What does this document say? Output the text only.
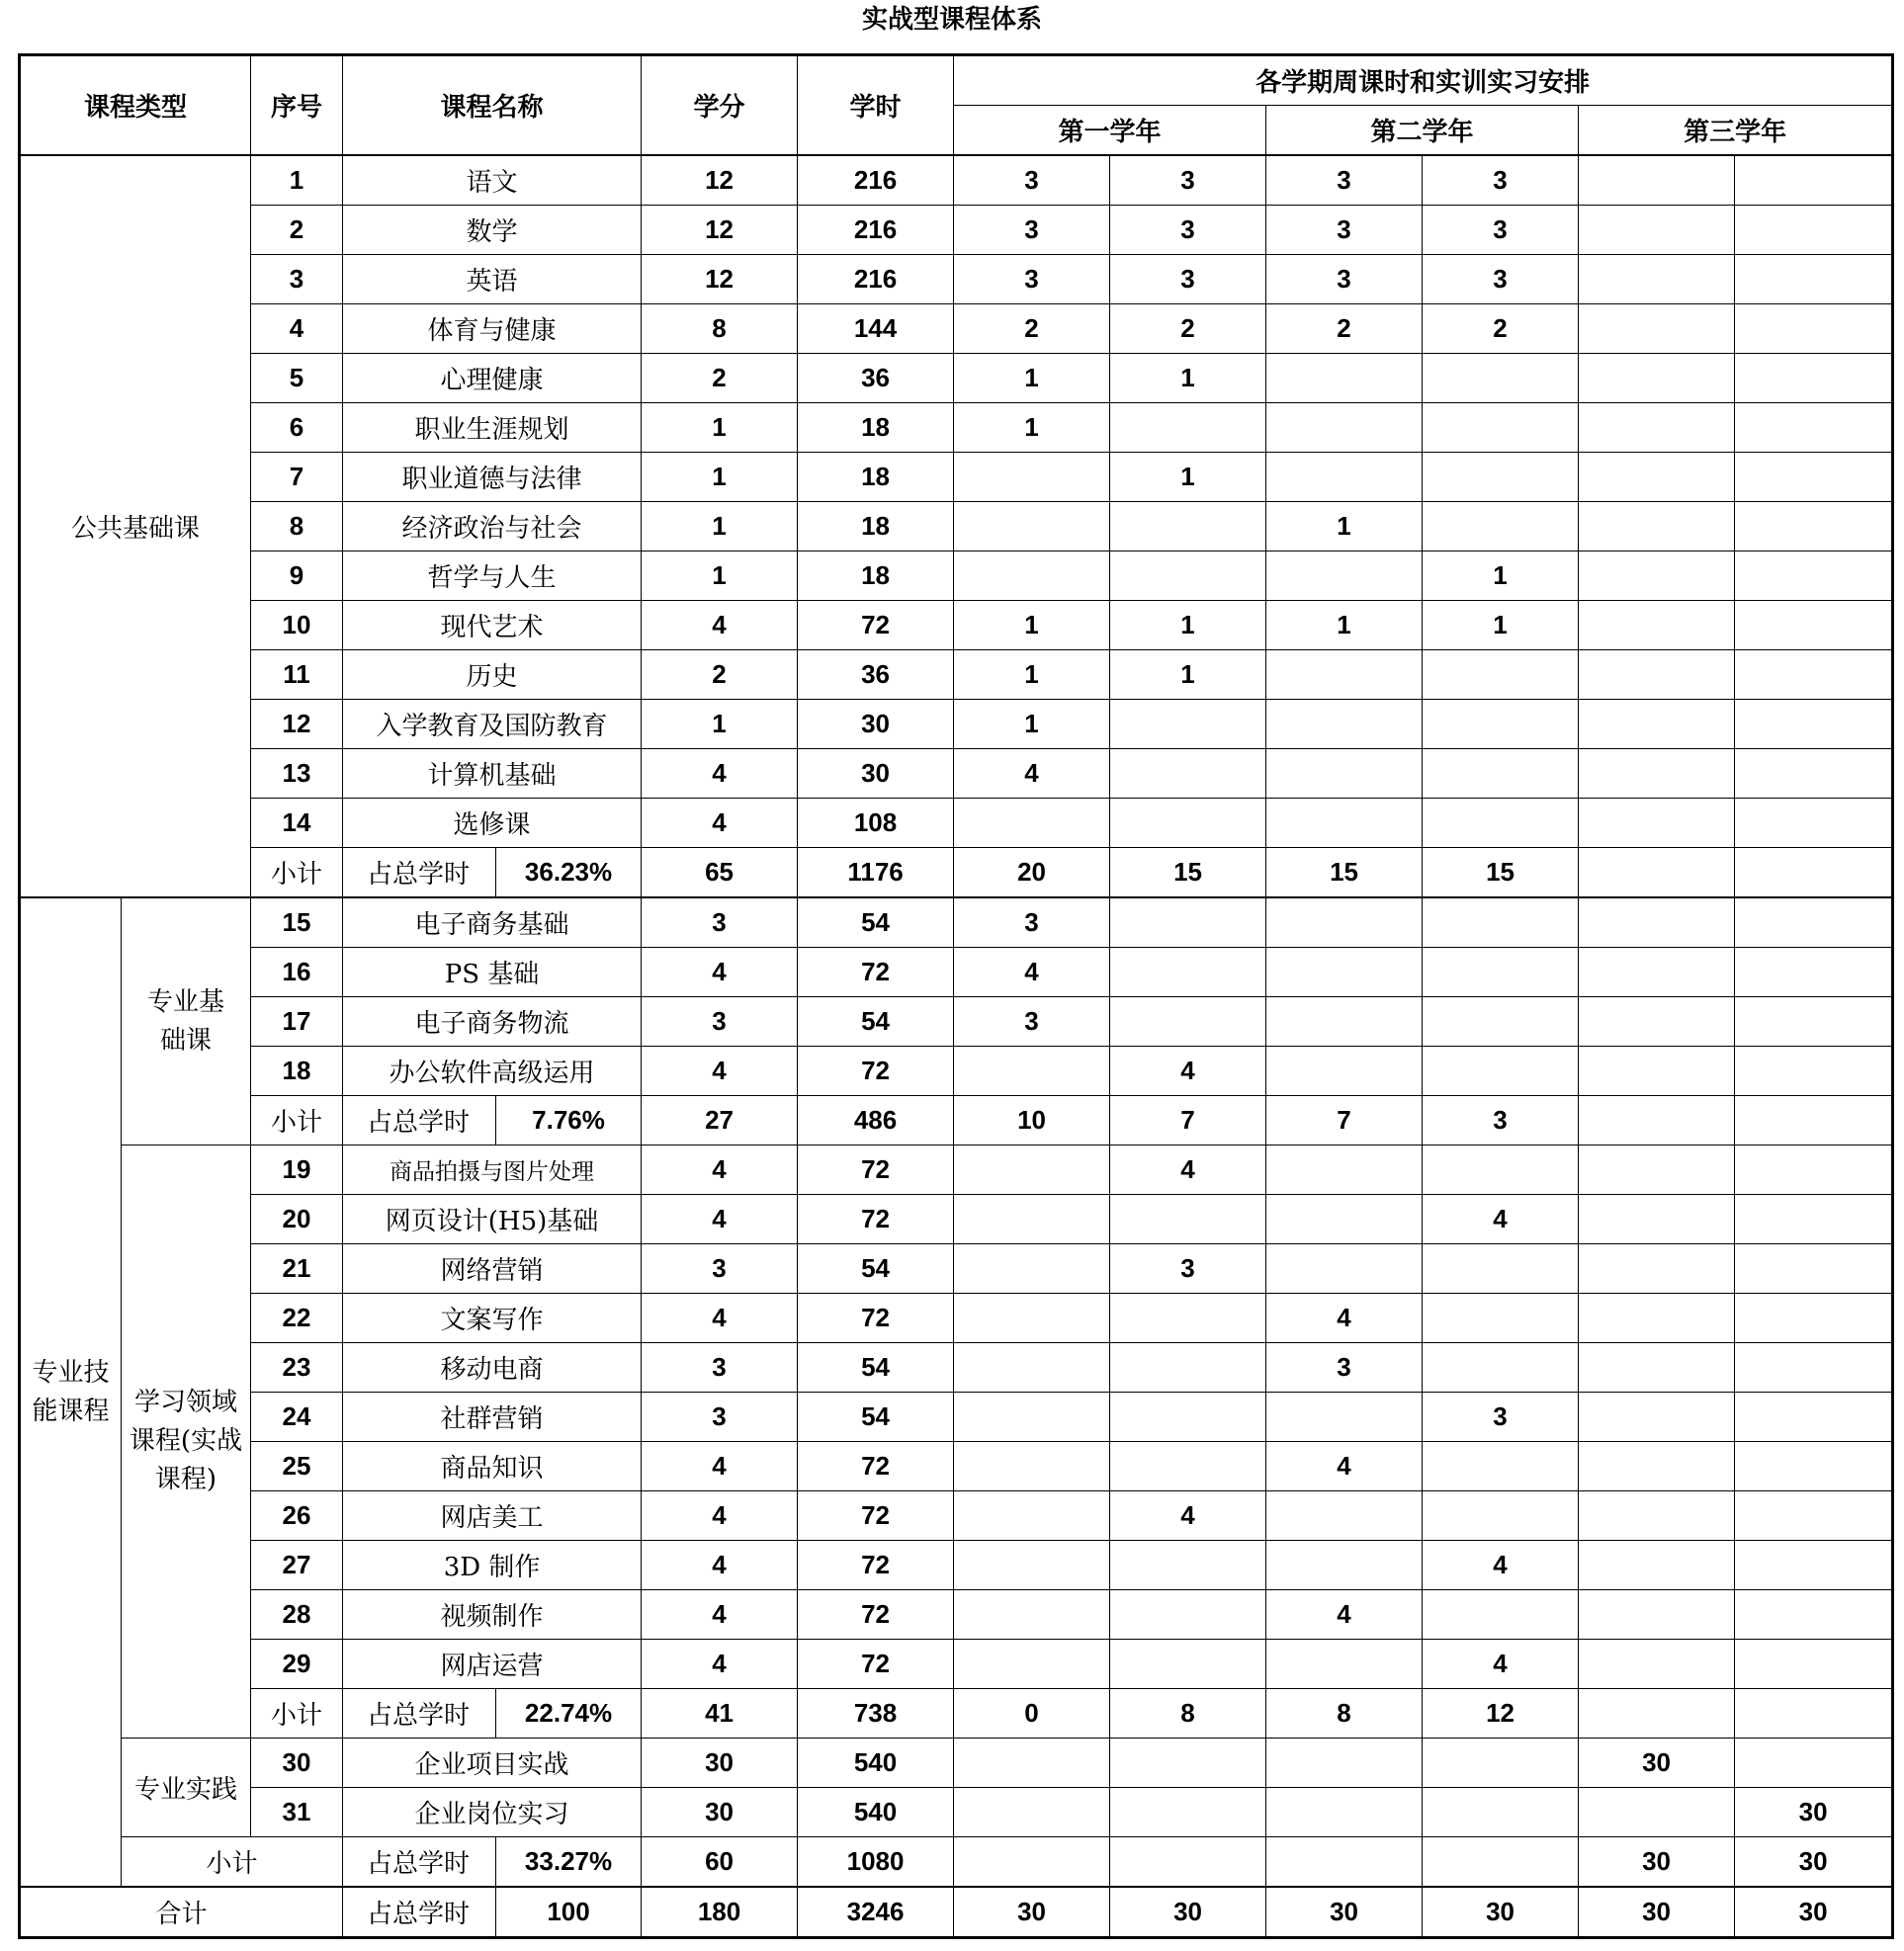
实战型课程体系
课程类型		序号	课程名称		学分	学时	各学期周课时和实训实习安排					
							第一学年		第二学年		第三学年	
公共基础课		1	语文		12	216	3	3	3	3		
		2	数学		12	216	3	3	3	3		
		3	英语		12	216	3	3	3	3		
		4	体育与健康		8	144	2	2	2	2		
		5	心理健康		2	36	1	1				
		6	职业生涯规划		1	18	1					
		7	职业道德与法律		1	18		1				
		8	经济政治与社会		1	18			1			
		9	哲学与人生		1	18				1		
		10	现代艺术		4	72	1	1	1	1		
		11	历史		2	36	1	1				
		12	入学教育及国防教育		1	30	1					
		13	计算机基础		4	30	4					
		14	选修课		4	108						
		小计	占总学时	36.23%	65	1176	20	15	15	15		
专业技能课程	专业基础课	15	电子商务基础		3	54	3					
		16	PS 基础		4	72	4					
		17	电子商务物流		3	54	3					
		18	办公软件高级运用		4	72		4				
		小计	占总学时	7.76%	27	486	10	7	7	3		
	学习领域课程(实战课程)	19	商品拍摄与图片处理		4	72		4				
		20	网页设计(H5)基础		4	72				4		
		21	网络营销		3	54		3				
		22	文案写作		4	72			4			
		23	移动电商		3	54			3			
		24	社群营销		3	54				3		
		25	商品知识		4	72			4			
		26	网店美工		4	72		4				
		27	3D 制作		4	72				4		
		28	视频制作		4	72			4			
		29	网店运营		4	72				4		
		小计	占总学时	22.74%	41	738	0	8	8	12		
	专业实践	30	企业项目实战		30	540					30	
		31	企业岗位实习		30	540						30
	小计		占总学时	33.27%	60	1080					30	30
合计			占总学时	100	180	3246	30	30	30	30	30	30
